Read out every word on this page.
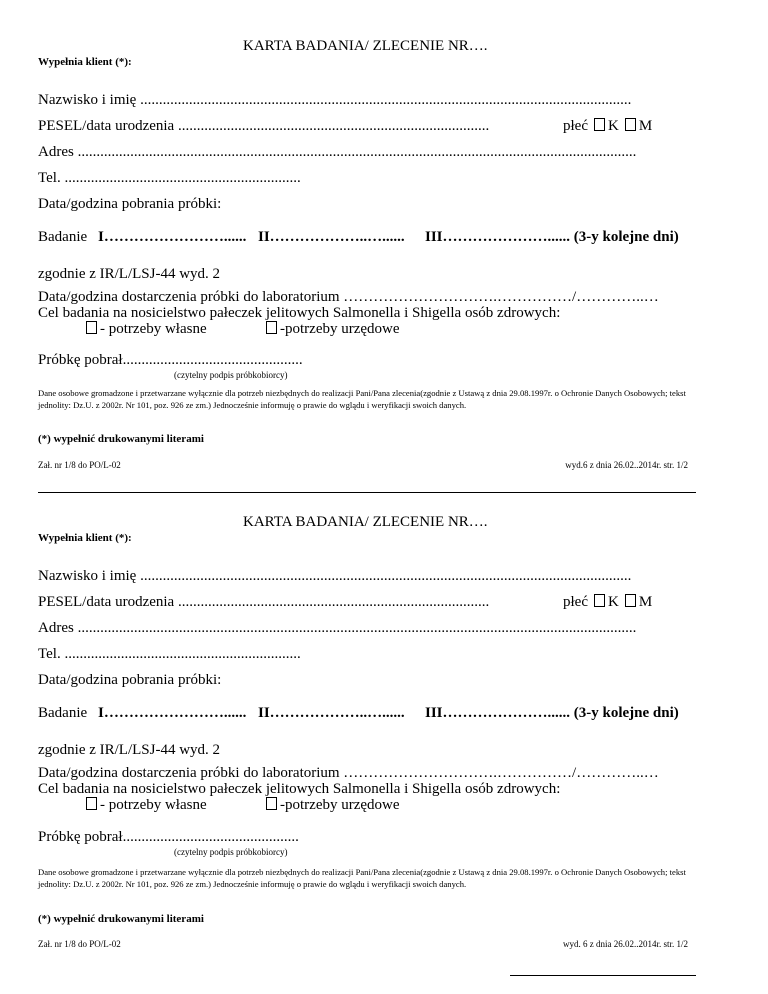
KARTA BADANIA/ ZLECENIE NR….
Wypełnia klient (*):
Nazwisko i imię ...................................................................................................................................
PESEL/data urodzenia ...................................................................................	płeć K M
Adres .....................................................................................................................................................
Tel. ...............................................................
Data/godzina pobrania próbki:
Badanie I……………………...... II………………..…...... III…………………...... (3-y kolejne dni)
zgodnie z IR/L/LSJ-44 wyd. 2
Data/godzina dostarczenia próbki do laboratorium ………………………….……………/…………..…
Cel badania na nosicielstwo pałeczek jelitowych Salmonella i Shigella osób zdrowych:
- potrzeby własne	-potrzeby urzędowe
Próbkę pobrał................................................
(czytelny podpis próbkobiorcy)
Dane osobowe gromadzone i przetwarzane wyłącznie dla potrzeb niezbędnych do realizacji Pani/Pana zlecenia(zgodnie z Ustawą z dnia 29.08.1997r. o Ochronie Danych Osobowych; tekst jednolity: Dz.U. z 2002r. Nr 101, poz. 926 ze zm.) Jednocześnie informuję o prawie do wglądu i weryfikacji swoich danych.
(*) wypełnić drukowanymi literami
Zał. nr 1/8 do PO/L-02	wyd.6 z dnia 26.02..2014r. str. 1/2
KARTA BADANIA/ ZLECENIE NR….
Wypełnia klient (*):
Nazwisko i imię ...................................................................................................................................
PESEL/data urodzenia ...................................................................................	płeć K M
Adres .....................................................................................................................................................
Tel. ...............................................................
Data/godzina pobrania próbki:
Badanie I……………………...... II………………..…...... III…………………...... (3-y kolejne dni)
zgodnie z IR/L/LSJ-44 wyd. 2
Data/godzina dostarczenia próbki do laboratorium ………………………….……………/…………..…
Cel badania na nosicielstwo pałeczek jelitowych Salmonella i Shigella osób zdrowych:
- potrzeby własne	-potrzeby urzędowe
Próbkę pobrał...............................................
(czytelny podpis próbkobiorcy)
Dane osobowe gromadzone i przetwarzane wyłącznie dla potrzeb niezbędnych do realizacji Pani/Pana zlecenia(zgodnie z Ustawą z dnia 29.08.1997r. o Ochronie Danych Osobowych; tekst jednolity: Dz.U. z 2002r. Nr 101, poz. 926 ze zm.) Jednocześnie informuję o prawie do wglądu i weryfikacji swoich danych.
(*) wypełnić drukowanymi literami
Zał. nr 1/8 do PO/L-02	wyd. 6 z dnia 26.02..2014r. str. 1/2
